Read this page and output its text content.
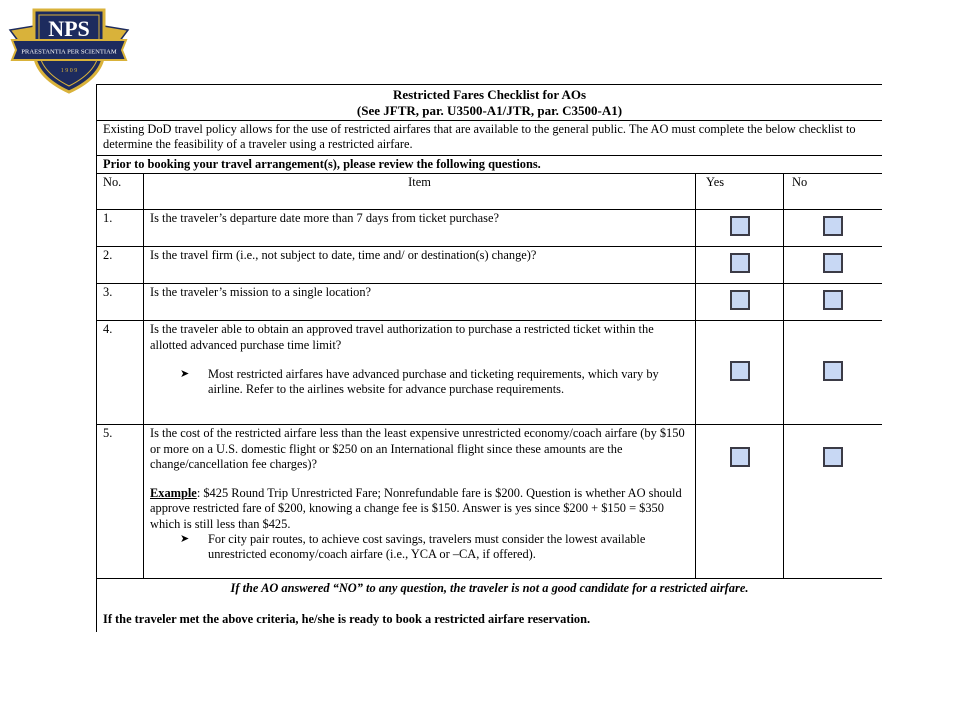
NPS
PRAESTANTIA PER SCIENTIAM
1 9 0 9
Restricted Fares Checklist for AOs
(See JFTR, par. U3500-A1/JTR, par. C3500-A1)			

Existing DoD travel policy allows for the use of restricted airfares that are available to the general public. The AO must complete the below checklist to determine the feasibility of a traveler using a restricted airfare.			
Prior to booking your travel arrangement(s), please review the following questions.			
No.	Item	Yes	No
1.	Is the traveler’s departure date more than 7 days from ticket purchase?		
2.	Is the travel firm (i.e., not subject to date, time and/ or destination(s) change)?		
3.	Is the traveler’s mission to a single location?		
4.	Is the traveler able to obtain an approved travel authorization to purchase a restricted ticket within the allotted advanced purchase time limit?
➤ Most restricted airfares have advanced purchase and ticketing requirements, which vary by airline. Refer to the airlines website for advance purchase requirements.		

5.	Is the cost of the restricted airfare less than the least expensive unrestricted economy/coach airfare (by $150 or more on a U.S. domestic flight or $250 on an International flight since these amounts are the change/cancellation fee charges)?
Example: $425 Round Trip Unrestricted Fare; Nonrefundable fare is $200. Question is whether AO should approve restricted fare of $200, knowing a change fee is $150. Answer is yes since $200 + $150 = $350 which is still less than $425.
➤ For city pair routes, to achieve cost savings, travelers must consider the lowest available unrestricted economy/coach airfare (i.e., YCA or –CA, if offered).		

If the AO answered “NO” to any question, the traveler is not a good candidate for a restricted airfare.
If the traveler met the above criteria, he/she is ready to book a restricted airfare reservation.			
